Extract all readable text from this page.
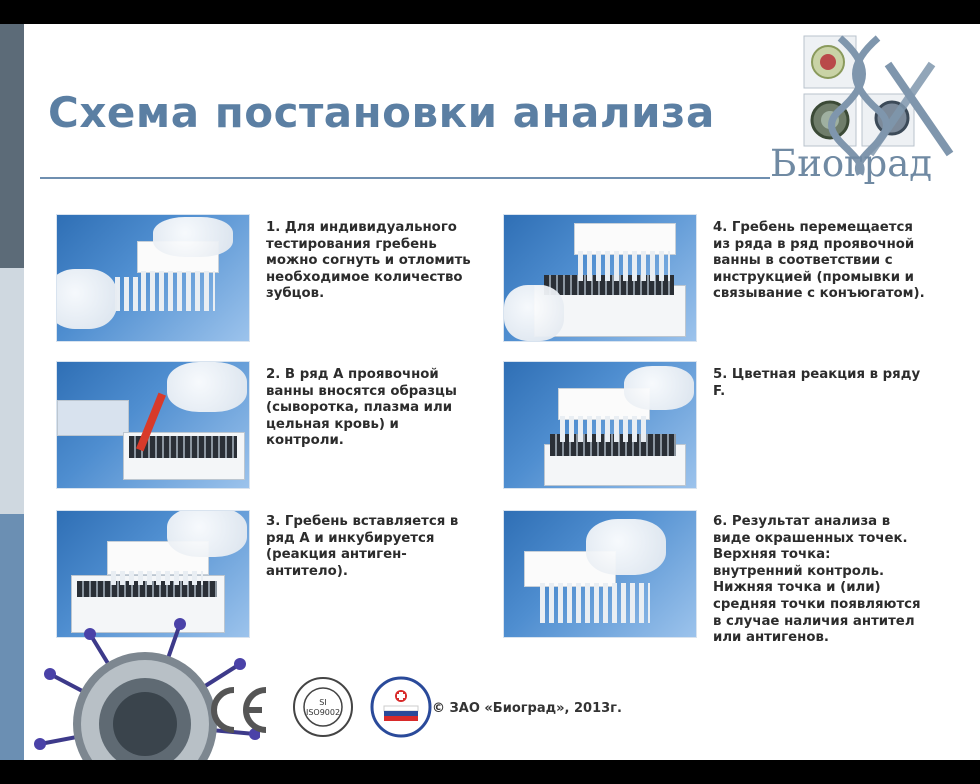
Схема постановки анализа
Биоград
1. Для индивидуального
тестирования гребень
можно согнуть и отломить
необходимое количество
зубцов.
2. В ряд А проявочной
ванны вносятся образцы
(сыворотка, плазма или
цельная кровь) и
контроли.
3. Гребень вставляется в
ряд А и инкубируется
(реакция антиген-
антитело).
4. Гребень перемещается
из ряда в ряд проявочной
ванны в соответствии с
инструкцией (промывки и
связывание с конъюгатом).
5. Цветная реакция в ряду
F.
6. Результат анализа в
виде окрашенных точек.
Верхняя точка:
внутренний контроль.
Нижняя точка и (или)
средняя точки появляются
в случае наличия антител
или антигенов.
SI
ISO9002	© ЗАО «Биоград», 2013г.
